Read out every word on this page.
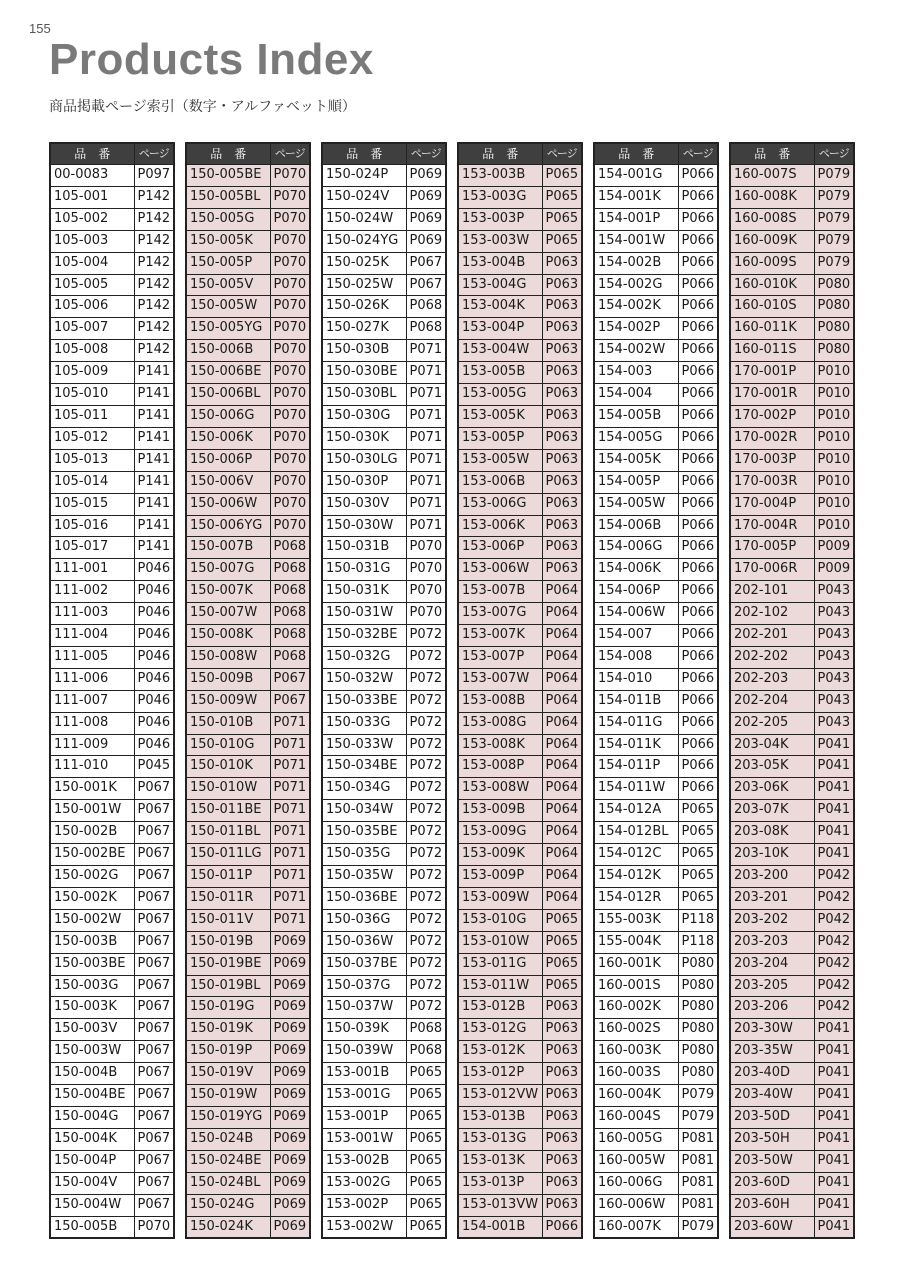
155
Products Index
商品掲載ページ索引（数字・アルファベット順）
品　番	ページ
00-0083	P097
105-001	P142
105-002	P142
105-003	P142
105-004	P142
105-005	P142
105-006	P142
105-007	P142
105-008	P142
105-009	P141
105-010	P141
105-011	P141
105-012	P141
105-013	P141
105-014	P141
105-015	P141
105-016	P141
105-017	P141
111-001	P046
111-002	P046
111-003	P046
111-004	P046
111-005	P046
111-006	P046
111-007	P046
111-008	P046
111-009	P046
111-010	P045
150-001K	P067
150-001W	P067
150-002B	P067
150-002BE	P067
150-002G	P067
150-002K	P067
150-002W	P067
150-003B	P067
150-003BE	P067
150-003G	P067
150-003K	P067
150-003V	P067
150-003W	P067
150-004B	P067
150-004BE	P067
150-004G	P067
150-004K	P067
150-004P	P067
150-004V	P067
150-004W	P067
150-005B	P070
品　番	ページ
150-005BE	P070
150-005BL	P070
150-005G	P070
150-005K	P070
150-005P	P070
150-005V	P070
150-005W	P070
150-005YG	P070
150-006B	P070
150-006BE	P070
150-006BL	P070
150-006G	P070
150-006K	P070
150-006P	P070
150-006V	P070
150-006W	P070
150-006YG	P070
150-007B	P068
150-007G	P068
150-007K	P068
150-007W	P068
150-008K	P068
150-008W	P068
150-009B	P067
150-009W	P067
150-010B	P071
150-010G	P071
150-010K	P071
150-010W	P071
150-011BE	P071
150-011BL	P071
150-011LG	P071
150-011P	P071
150-011R	P071
150-011V	P071
150-019B	P069
150-019BE	P069
150-019BL	P069
150-019G	P069
150-019K	P069
150-019P	P069
150-019V	P069
150-019W	P069
150-019YG	P069
150-024B	P069
150-024BE	P069
150-024BL	P069
150-024G	P069
150-024K	P069
品　番	ページ
150-024P	P069
150-024V	P069
150-024W	P069
150-024YG	P069
150-025K	P067
150-025W	P067
150-026K	P068
150-027K	P068
150-030B	P071
150-030BE	P071
150-030BL	P071
150-030G	P071
150-030K	P071
150-030LG	P071
150-030P	P071
150-030V	P071
150-030W	P071
150-031B	P070
150-031G	P070
150-031K	P070
150-031W	P070
150-032BE	P072
150-032G	P072
150-032W	P072
150-033BE	P072
150-033G	P072
150-033W	P072
150-034BE	P072
150-034G	P072
150-034W	P072
150-035BE	P072
150-035G	P072
150-035W	P072
150-036BE	P072
150-036G	P072
150-036W	P072
150-037BE	P072
150-037G	P072
150-037W	P072
150-039K	P068
150-039W	P068
153-001B	P065
153-001G	P065
153-001P	P065
153-001W	P065
153-002B	P065
153-002G	P065
153-002P	P065
153-002W	P065
品　番	ページ
153-003B	P065
153-003G	P065
153-003P	P065
153-003W	P065
153-004B	P063
153-004G	P063
153-004K	P063
153-004P	P063
153-004W	P063
153-005B	P063
153-005G	P063
153-005K	P063
153-005P	P063
153-005W	P063
153-006B	P063
153-006G	P063
153-006K	P063
153-006P	P063
153-006W	P063
153-007B	P064
153-007G	P064
153-007K	P064
153-007P	P064
153-007W	P064
153-008B	P064
153-008G	P064
153-008K	P064
153-008P	P064
153-008W	P064
153-009B	P064
153-009G	P064
153-009K	P064
153-009P	P064
153-009W	P064
153-010G	P065
153-010W	P065
153-011G	P065
153-011W	P065
153-012B	P063
153-012G	P063
153-012K	P063
153-012P	P063
153-012VW	P063
153-013B	P063
153-013G	P063
153-013K	P063
153-013P	P063
153-013VW	P063
154-001B	P066
品　番	ページ
154-001G	P066
154-001K	P066
154-001P	P066
154-001W	P066
154-002B	P066
154-002G	P066
154-002K	P066
154-002P	P066
154-002W	P066
154-003	P066
154-004	P066
154-005B	P066
154-005G	P066
154-005K	P066
154-005P	P066
154-005W	P066
154-006B	P066
154-006G	P066
154-006K	P066
154-006P	P066
154-006W	P066
154-007	P066
154-008	P066
154-010	P066
154-011B	P066
154-011G	P066
154-011K	P066
154-011P	P066
154-011W	P066
154-012A	P065
154-012BL	P065
154-012C	P065
154-012K	P065
154-012R	P065
155-003K	P118
155-004K	P118
160-001K	P080
160-001S	P080
160-002K	P080
160-002S	P080
160-003K	P080
160-003S	P080
160-004K	P079
160-004S	P079
160-005G	P081
160-005W	P081
160-006G	P081
160-006W	P081
160-007K	P079
品　番	ページ
160-007S	P079
160-008K	P079
160-008S	P079
160-009K	P079
160-009S	P079
160-010K	P080
160-010S	P080
160-011K	P080
160-011S	P080
170-001P	P010
170-001R	P010
170-002P	P010
170-002R	P010
170-003P	P010
170-003R	P010
170-004P	P010
170-004R	P010
170-005P	P009
170-006R	P009
202-101	P043
202-102	P043
202-201	P043
202-202	P043
202-203	P043
202-204	P043
202-205	P043
203-04K	P041
203-05K	P041
203-06K	P041
203-07K	P041
203-08K	P041
203-10K	P041
203-200	P042
203-201	P042
203-202	P042
203-203	P042
203-204	P042
203-205	P042
203-206	P042
203-30W	P041
203-35W	P041
203-40D	P041
203-40W	P041
203-50D	P041
203-50H	P041
203-50W	P041
203-60D	P041
203-60H	P041
203-60W	P041
